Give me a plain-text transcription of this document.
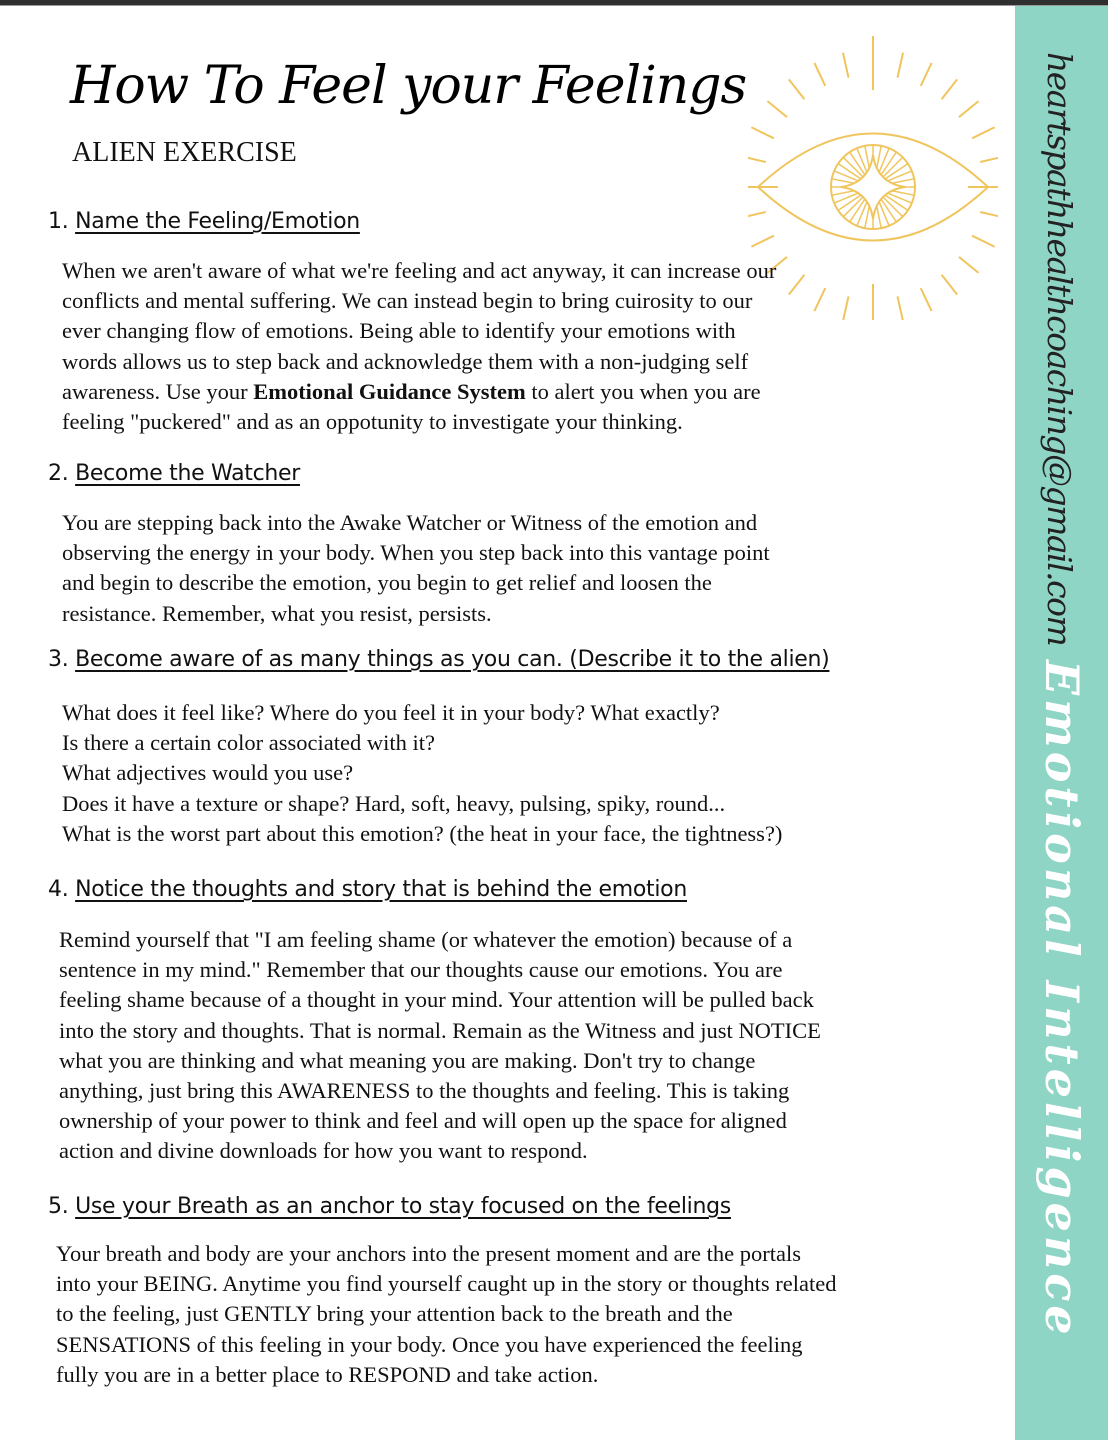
heartspathhealthcoaching@gmail.com
Emotional Intelligence
How To Feel your Feelings
ALIEN EXERCISE
1. Name the Feeling/Emotion
When we aren't aware of what we're feeling and act anyway, it can increase our
conflicts and mental suffering. We can instead begin to bring cuirosity to our
ever changing flow of emotions. Being able to identify your emotions with
words allows us to step back and acknowledge them with a non-judging self
awareness. Use your Emotional Guidance System to alert you when you are
feeling "puckered" and as an oppotunity to investigate your thinking.
2. Become the Watcher
You are stepping back into the Awake Watcher or Witness of the emotion and
observing the energy in your body. When you step back into this vantage point
and begin to describe the emotion, you begin to get relief and loosen the
resistance. Remember, what you resist, persists.
3. Become aware of as many things as you can. (Describe it to the alien)
What does it feel like? Where do you feel it in your body? What exactly?
Is there a certain color associated with it?
What adjectives would you use?
Does it have a texture or shape? Hard, soft, heavy, pulsing, spiky, round...
What is the worst part about this emotion? (the heat in your face, the tightness?)
4. Notice the thoughts and story that is behind the emotion
Remind yourself that "I am feeling shame (or whatever the emotion) because of a
sentence in my mind." Remember that our thoughts cause our emotions. You are
feeling shame because of a thought in your mind. Your attention will be pulled back
into the story and thoughts. That is normal. Remain as the Witness and just NOTICE
what you are thinking and what meaning you are making. Don't try to change
anything, just bring this AWARENESS to the thoughts and feeling. This is taking
ownership of your power to think and feel and will open up the space for aligned
action and divine downloads for how you want to respond.
5. Use your Breath as an anchor to stay focused on the feelings
Your breath and body are your anchors into the present moment and are the portals
into your BEING. Anytime you find yourself caught up in the story or thoughts related
to the feeling, just GENTLY bring your attention back to the breath and the
SENSATIONS of this feeling in your body. Once you have experienced the feeling
fully you are in a better place to RESPOND and take action.
